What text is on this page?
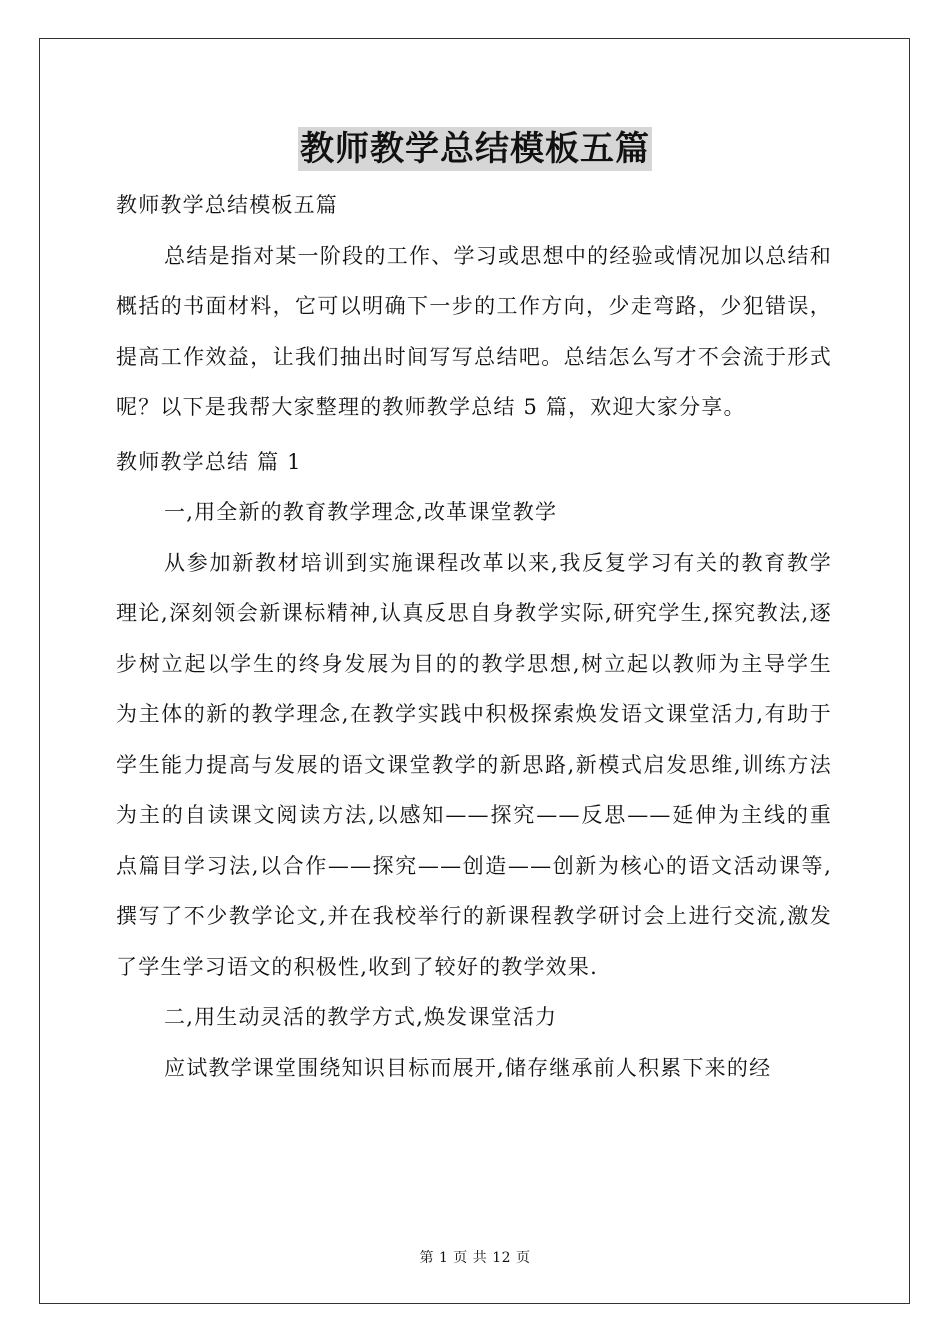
教师教学总结模板五篇

教师教学总结模板五篇

总结是指对某一阶段的工作、学习或思想中的经验或情况加以总结和概括的书面材料，它可以明确下一步的工作方向，少走弯路，少犯错误，提高工作效益，让我们抽出时间写写总结吧。总结怎么写才不会流于形式呢？以下是我帮大家整理的教师教学总结 5 篇，欢迎大家分享。

教师教学总结 篇 1

一,用全新的教育教学理念,改革课堂教学

从参加新教材培训到实施课程改革以来,我反复学习有关的教育教学理论,深刻领会新课标精神,认真反思自身教学实际,研究学生,探究教法,逐步树立起以学生的终身发展为目的的教学思想,树立起以教师为主导学生为主体的新的教学理念,在教学实践中积极探索焕发语文课堂活力,有助于学生能力提高与发展的语文课堂教学的新思路,新模式启发思维,训练方法为主的自读课文阅读方法,以感知——探究——反思——延伸为主线的重点篇目学习法,以合作——探究——创造——创新为核心的语文活动课等,撰写了不少教学论文,并在我校举行的新课程教学研讨会上进行交流,激发了学生学习语文的积极性,收到了较好的教学效果.

二,用生动灵活的教学方式,焕发课堂活力

应试教学课堂围绕知识目标而展开,储存继承前人积累下来的经

第 1 页 共 12 页
